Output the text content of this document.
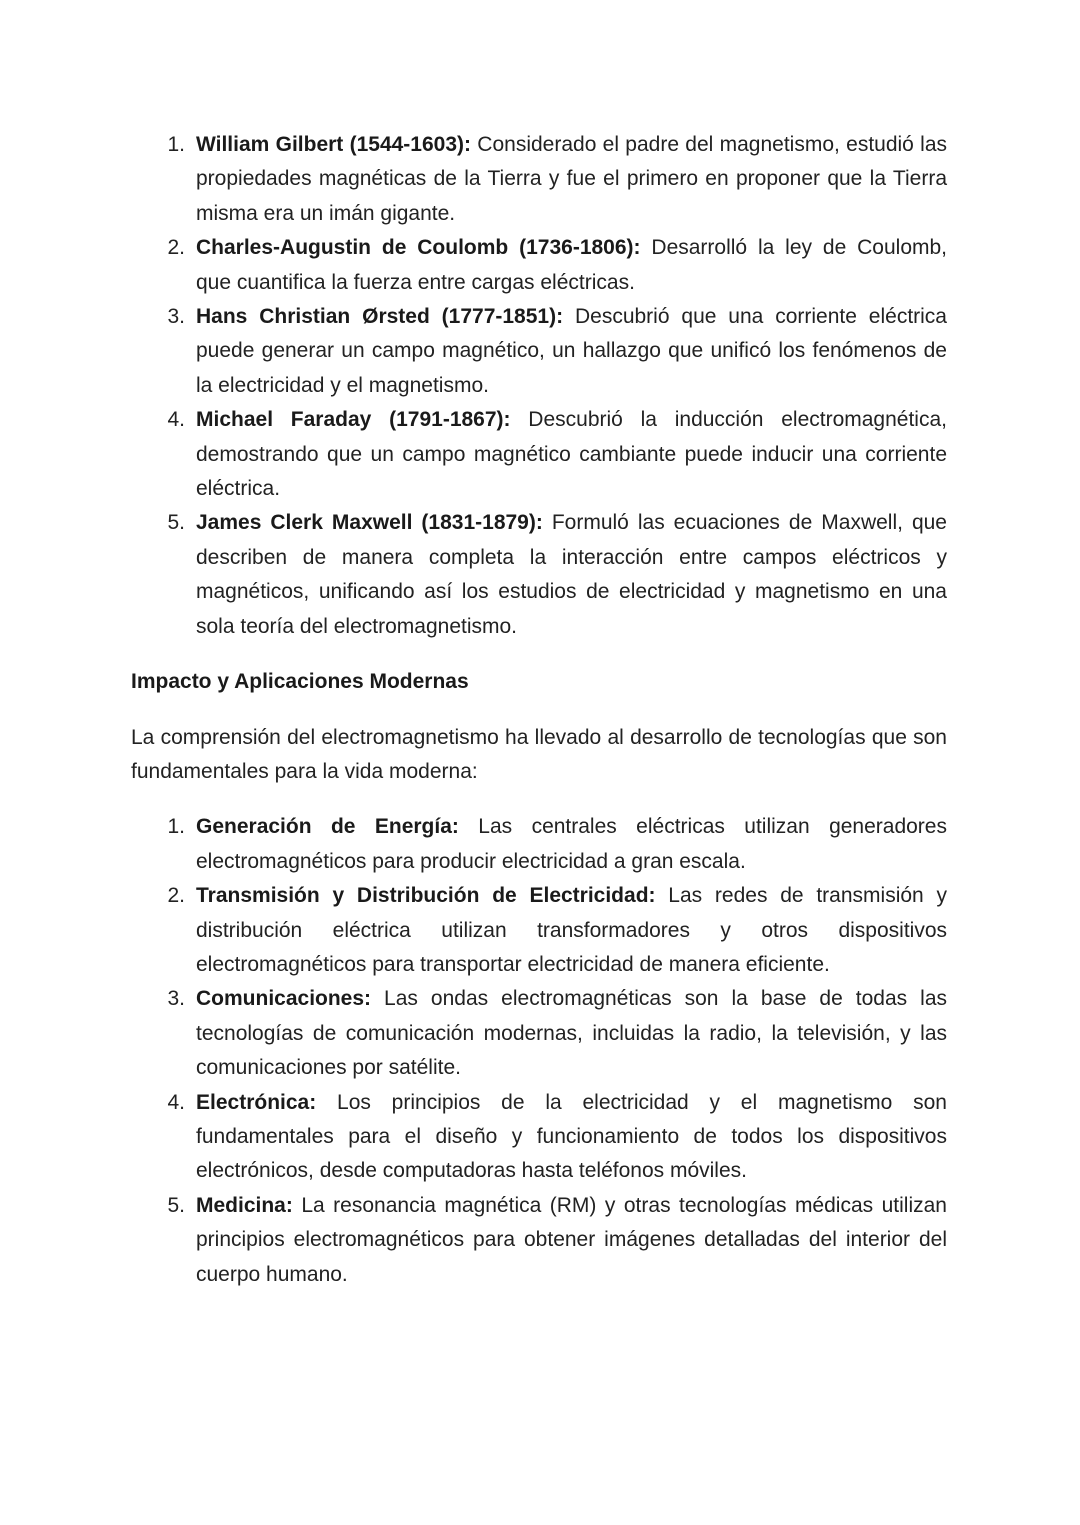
1. William Gilbert (1544-1603): Considerado el padre del magnetismo, estudió las propiedades magnéticas de la Tierra y fue el primero en proponer que la Tierra misma era un imán gigante.
2. Charles-Augustin de Coulomb (1736-1806): Desarrolló la ley de Coulomb, que cuantifica la fuerza entre cargas eléctricas.
3. Hans Christian Ørsted (1777-1851): Descubrió que una corriente eléctrica puede generar un campo magnético, un hallazgo que unificó los fenómenos de la electricidad y el magnetismo.
4. Michael Faraday (1791-1867): Descubrió la inducción electromagnética, demostrando que un campo magnético cambiante puede inducir una corriente eléctrica.
5. James Clerk Maxwell (1831-1879): Formuló las ecuaciones de Maxwell, que describen de manera completa la interacción entre campos eléctricos y magnéticos, unificando así los estudios de electricidad y magnetismo en una sola teoría del electromagnetismo.
Impacto y Aplicaciones Modernas

La comprensión del electromagnetismo ha llevado al desarrollo de tecnologías que son fundamentales para la vida moderna:

1. Generación de Energía: Las centrales eléctricas utilizan generadores electromagnéticos para producir electricidad a gran escala.
2. Transmisión y Distribución de Electricidad: Las redes de transmisión y distribución eléctrica utilizan transformadores y otros dispositivos electromagnéticos para transportar electricidad de manera eficiente.
3. Comunicaciones: Las ondas electromagnéticas son la base de todas las tecnologías de comunicación modernas, incluidas la radio, la televisión, y las comunicaciones por satélite.
4. Electrónica: Los principios de la electricidad y el magnetismo son fundamentales para el diseño y funcionamiento de todos los dispositivos electrónicos, desde computadoras hasta teléfonos móviles.
5. Medicina: La resonancia magnética (RM) y otras tecnologías médicas utilizan principios electromagnéticos para obtener imágenes detalladas del interior del cuerpo humano.
